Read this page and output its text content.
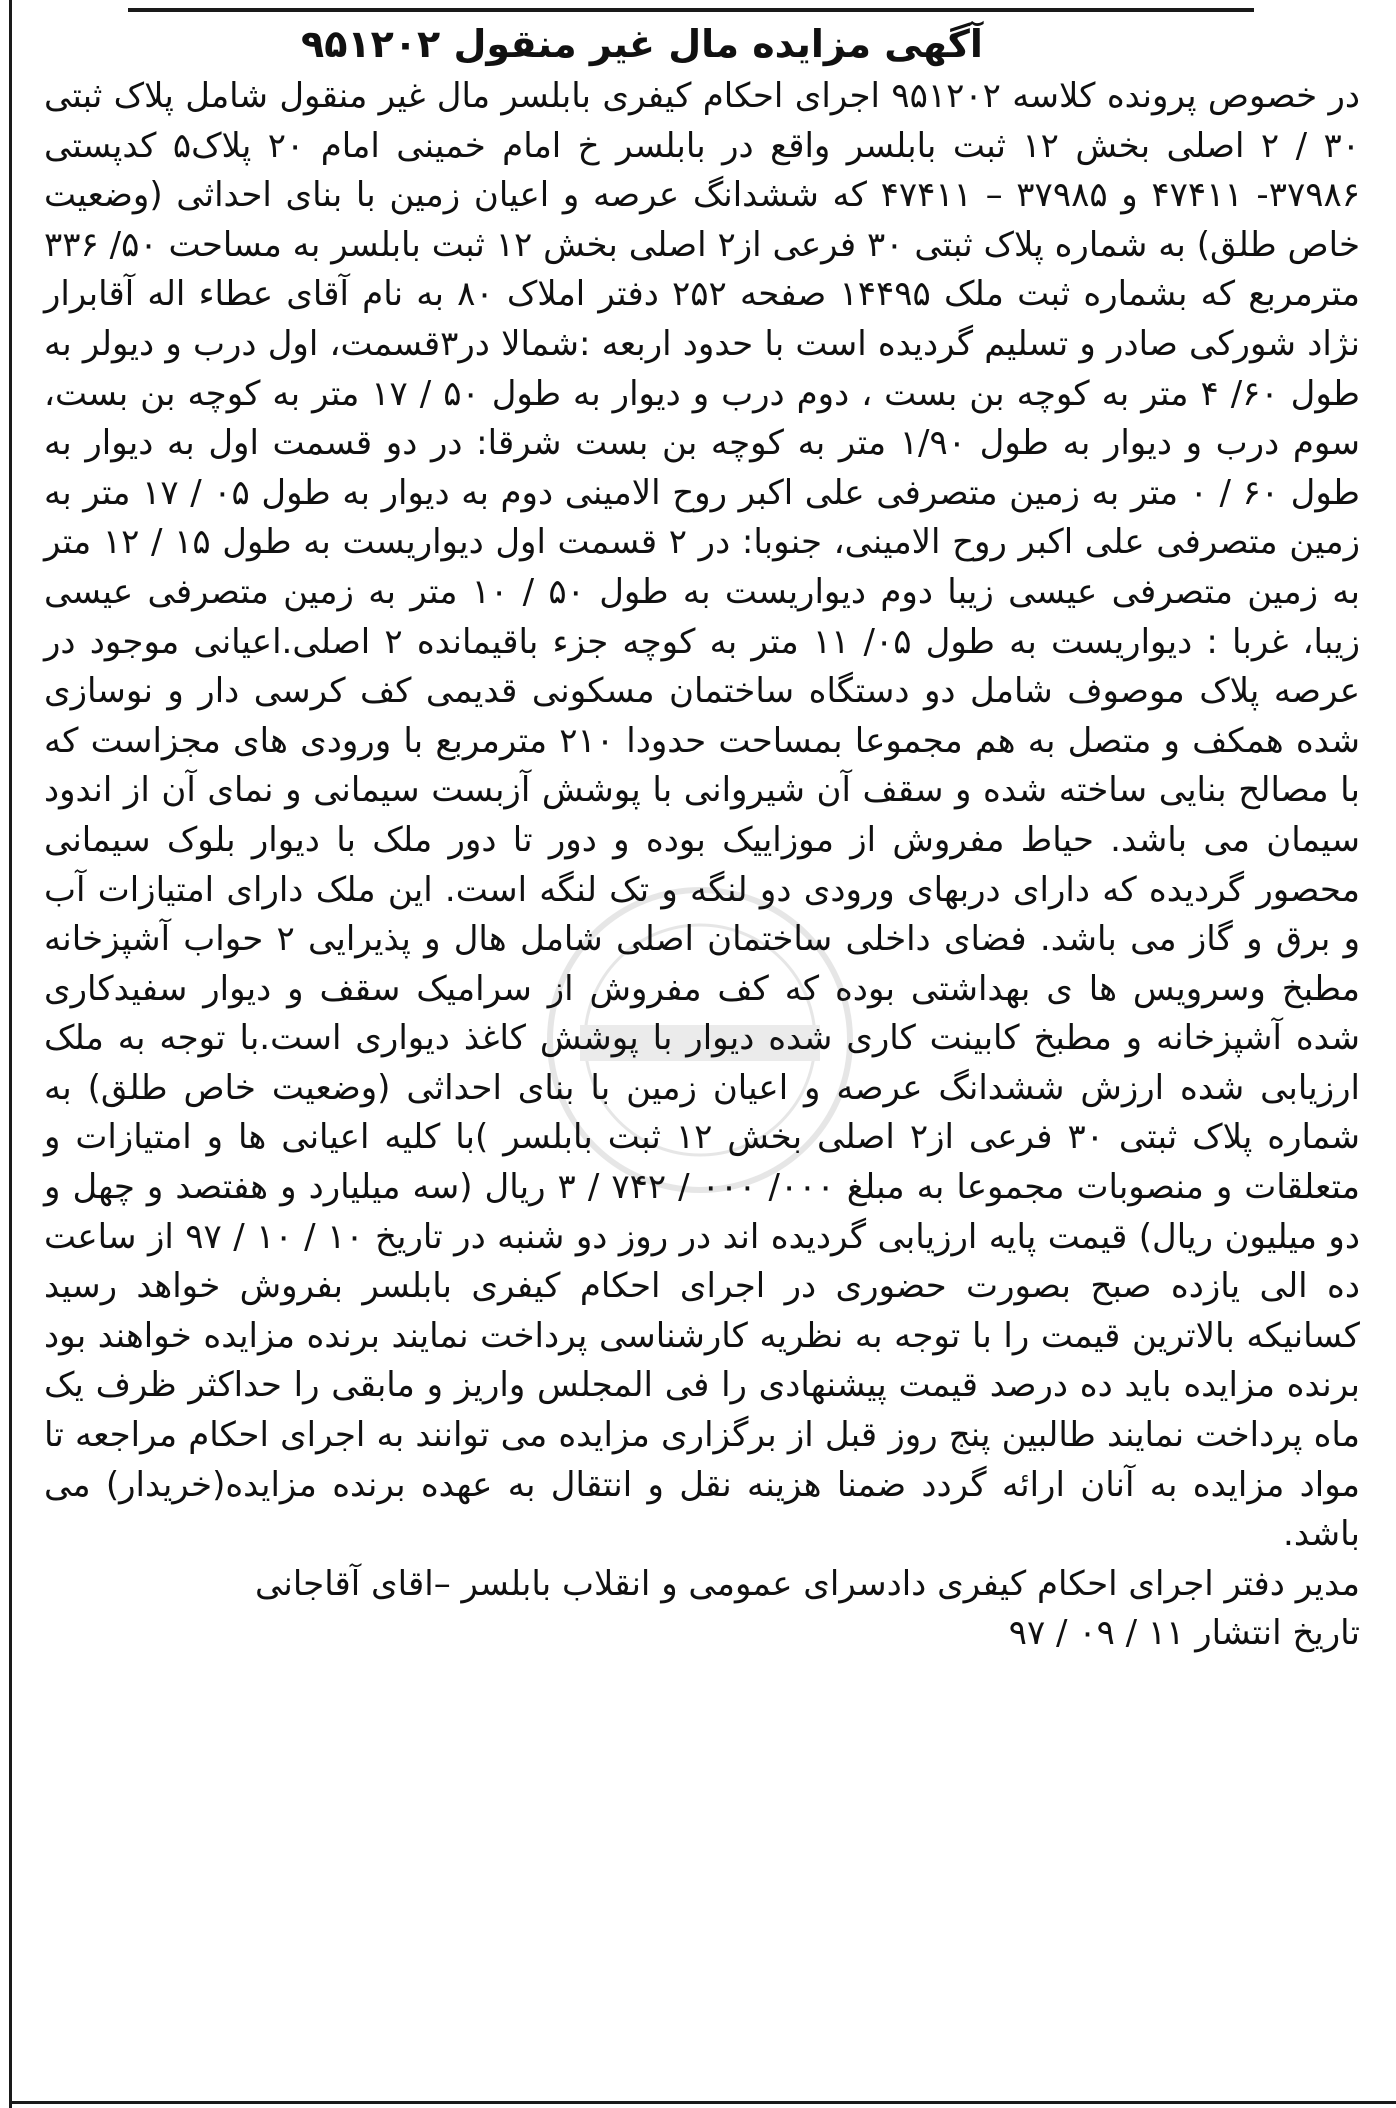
آگهی مزایده مال غیر منقول ۹۵۱۲۰۲

در خصوص پرونده کلاسه ۹۵۱۲۰۲ اجرای احکام کیفری بابلسر مال غیر منقول شامل پلاک ثبتی ۳۰ / ۲ اصلی بخش ۱۲ ثبت بابلسر واقع در بابلسر خ امام خمینی امام ۲۰ پلاک۵ کدپستی ۳۷۹۸۶- ۴۷۴۱۱ و ۳۷۹۸۵ – ۴۷۴۱۱ که ششدانگ عرصه و اعیان زمین با بنای احداثی (وضعیت خاص طلق) به شماره پلاک ثبتی ۳۰ فرعی از۲ اصلی بخش ۱۲ ثبت بابلسر به مساحت ۵۰/ ۳۳۶ مترمربع که بشماره ثبت ملک ۱۴۴۹۵ صفحه ۲۵۲ دفتر املاک ۸۰ به نام آقای عطاء اله آقابرار نژاد شورکی صادر و تسلیم گردیده است با حدود اربعه :شمالا در۳قسمت، اول درب و دیولر به طول ۶۰/ ۴ متر به کوچه بن بست ، دوم درب و دیوار به طول ۵۰ / ۱۷ متر به کوچه بن بست، سوم درب و دیوار به طول ۱/۹۰ متر به کوچه بن بست شرقا: در دو قسمت اول به دیوار به طول ۶۰ / ۰ متر به زمین متصرفی علی اکبر روح الامینی دوم به دیوار به طول ۰۵ / ۱۷ متر به زمین متصرفی علی اکبر روح الامینی، جنوبا: در ۲ قسمت اول دیواریست به طول ۱۵ / ۱۲ متر به زمین متصرفی عیسی زیبا دوم دیواریست به طول ۵۰ / ۱۰ متر به زمین متصرفی عیسی زیبا، غربا : دیواریست به طول ۰۵/ ۱۱ متر به کوچه جزء باقیمانده ۲ اصلی.اعیانی موجود در عرصه پلاک موصوف شامل دو دستگاه ساختمان مسکونی قدیمی کف کرسی دار و نوسازی شده همکف و متصل به هم مجموعا بمساحت حدودا ۲۱۰ مترمربع با ورودی های مجزاست که با مصالح بنایی ساخته شده و سقف آن شیروانی با پوشش آزبست سیمانی و نمای آن از اندود سیمان می باشد. حیاط مفروش از موزاییک بوده و دور تا دور ملک با دیوار بلوک سیمانی محصور گردیده که دارای دربهای ورودی دو لنگه و تک لنگه است. این ملک دارای امتیازات آب و برق و گاز می باشد. فضای داخلی ساختمان اصلی شامل هال و پذیرایی ۲ حواب آشپزخانه مطبخ وسرویس ها ی بهداشتی بوده که کف مفروش از سرامیک سقف و دیوار سفیدکاری شده آشپزخانه و مطبخ کابینت کاری شده دیوار با پوشش کاغذ دیواری است.با توجه به ملک ارزیابی شده ارزش ششدانگ عرصه و اعیان زمین با بنای احداثی (وضعیت خاص طلق) به شماره پلاک ثبتی ۳۰ فرعی از۲ اصلی بخش ۱۲ ثبت بابلسر )با کلیه اعیانی ها و امتیازات و متعلقات و منصوبات مجموعا به مبلغ ۰۰۰/ ۰۰۰ / ۷۴۲ / ۳ ریال (سه میلیارد و هفتصد و چهل و دو میلیون ریال) قیمت پایه ارزیابی گردیده اند در روز دو شنبه در تاریخ ۱۰ / ۱۰ / ۹۷ از ساعت ده الی یازده صبح بصورت حضوری در اجرای احکام کیفری بابلسر بفروش خواهد رسید کسانیکه بالاترین قیمت را با توجه به نظریه کارشناسی پرداخت نمایند برنده مزایده خواهند بود برنده مزایده باید ده درصد قیمت پیشنهادی را فی المجلس واریز و مابقی را حداکثر ظرف یک ماه پرداخت نمایند طالبین پنج روز قبل از برگزاری مزایده می توانند به اجرای احکام مراجعه تا مواد مزایده به آنان ارائه گردد ضمنا هزینه نقل و انتقال به عهده برنده مزایده(خریدار) می باشد.

مدیر دفتر اجرای احکام کیفری دادسرای عمومی و انقلاب بابلسر –اقای آقاجانی

تاریخ انتشار ۱۱ / ۰۹ / ۹۷
